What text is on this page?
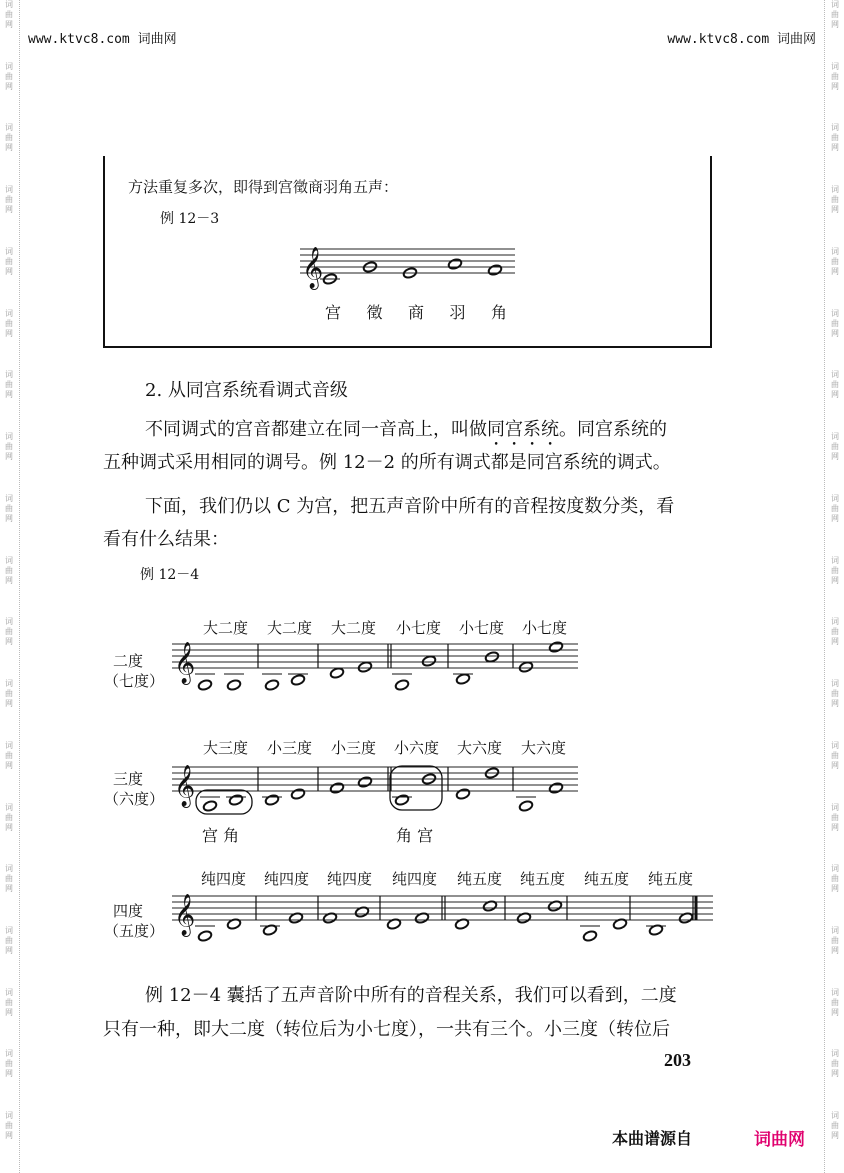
词
曲
网
词
曲
网
词
曲
网
词
曲
网
词
曲
网
词
曲
网
词
曲
网
词
曲
网
词
曲
网
词
曲
网
词
曲
网
词
曲
网
词
曲
网
词
曲
网
词
曲
网
词
曲
网
词
曲
网
词
曲
网
词
曲
网
词
曲
网
词
曲
网
词
曲
网
词
曲
网
词
曲
网
词
曲
网
词
曲
网
词
曲
网
词
曲
网
词
曲
网
词
曲
网
词
曲
网
词
曲
网
词
曲
网
词
曲
网
词
曲
网
词
曲
网
词
曲
网
词
曲
网
www.ktvc8.com 词曲网	www.ktvc8.com 词曲网
方法重复多次，即得到宫徵商羽角五声：
例 12－3
𝄞
𝄞
𝄞
𝄞
宫 徵 商 羽 角
2. 从同宫系统看调式音级
不同调式的宫音都建立在同一音高上，叫做同宫系统。同宫系统的
五种调式采用相同的调号。例 12－2 的所有调式都是同宫系统的调式。
下面，我们仍以 C 为宫，把五声音阶中所有的音程按度数分类，看
看有什么结果：
例 12－4
大二度 大二度 大二度 小七度 小七度 小七度
二度
（七度）
大三度 小三度 小三度 小六度 大六度 大六度
三度
（六度）
宫 角	角 宫
纯四度 纯四度 纯四度 纯四度 纯五度 纯五度 纯五度 纯五度
四度
（五度）
例 12－4 囊括了五声音阶中所有的音程关系，我们可以看到，二度
只有一种，即大二度（转位后为小七度），一共有三个。小三度（转位后
203
本曲谱源自	词曲网
